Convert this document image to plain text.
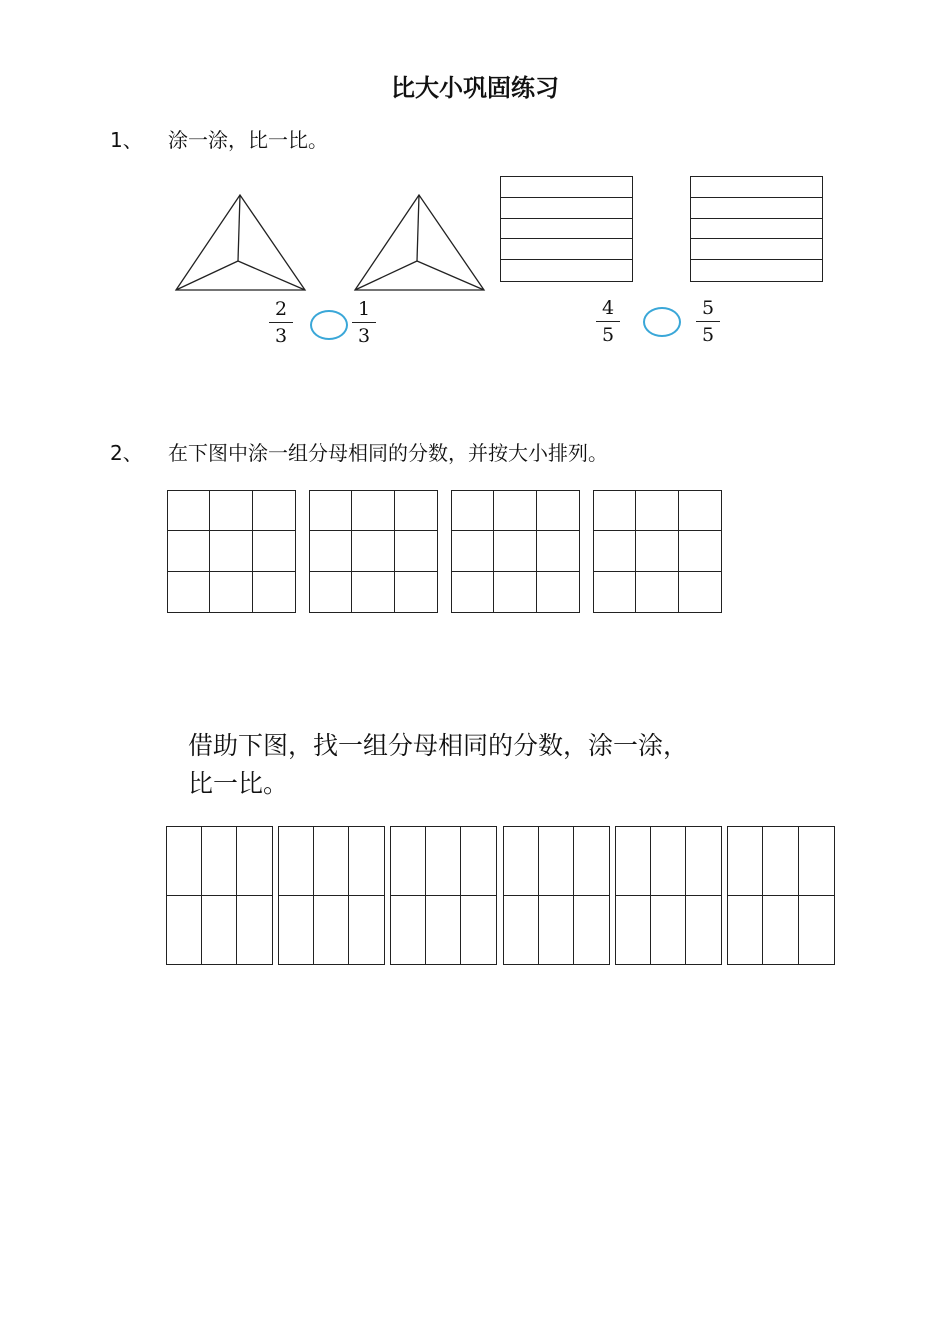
比大小巩固练习
1、 涂一涂，比一比。
2
3
1
3
4
5
5
5
2、 在下图中涂一组分母相同的分数，并按大小排列。
借助下图，找一组分母相同的分数，涂一涂，
比一比。
